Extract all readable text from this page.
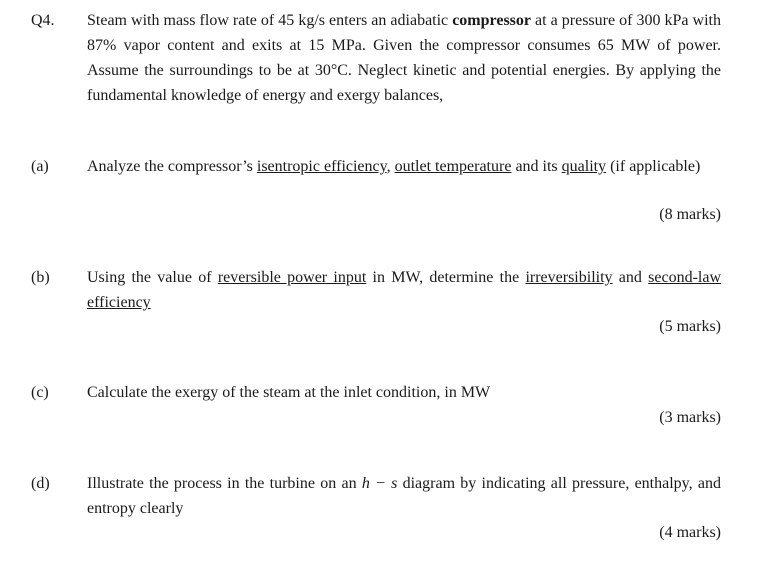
Q4. Steam with mass flow rate of 45 kg/s enters an adiabatic compressor at a pressure of 300 kPa with 87% vapor content and exits at 15 MPa. Given the compressor consumes 65 MW of power. Assume the surroundings to be at 30°C. Neglect kinetic and potential energies. By applying the fundamental knowledge of energy and exergy balances,
(a) Analyze the compressor’s isentropic efficiency, outlet temperature and its quality (if applicable)
(8 marks)
(b) Using the value of reversible power input in MW, determine the irreversibility and second-law efficiency
(5 marks)
(c) Calculate the exergy of the steam at the inlet condition, in MW
(3 marks)
(d) Illustrate the process in the turbine on an h − s diagram by indicating all pressure, enthalpy, and entropy clearly
(4 marks)
